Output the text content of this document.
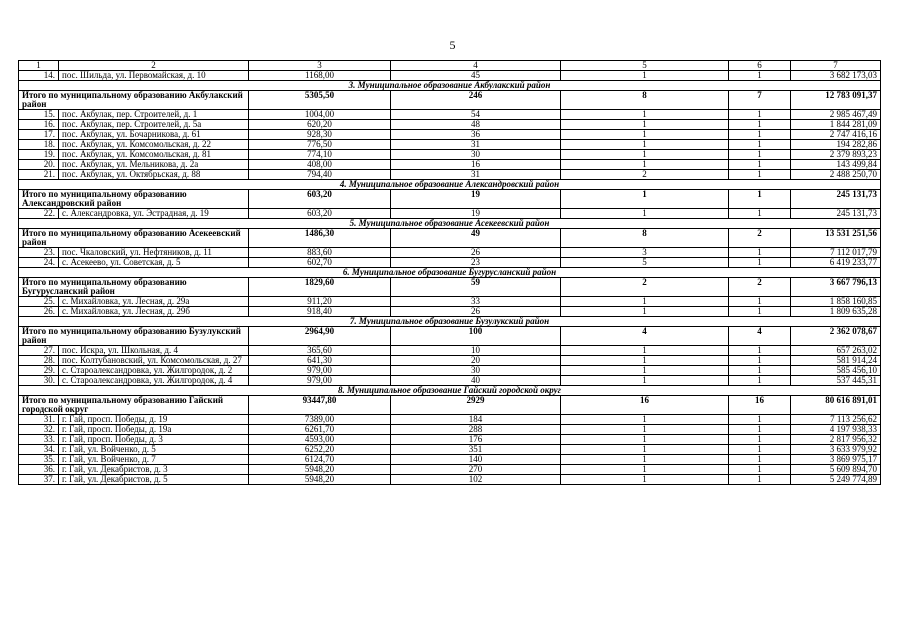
5
1	2	3	4	5	6	7
14.	пос. Шильда, ул. Первомайская, д. 10	1168,00	45	1	1	3 682 173,03
3. Муниципальное образование Акбулакский район						
Итого по муниципальному образованию Акбулакский район		5305,50	246	8	7	12 783 091,37
15.	пос. Акбулак, пер. Строителей, д. 1	1004,00	54	1	1	2 985 467,49
16.	пос. Акбулак, пер. Строителей, д. 5а	620,20	48	1	1	1 844 281,09
17.	пос. Акбулак, ул. Бочарникова, д. 61	928,30	36	1	1	2 747 416,16
18.	пос. Акбулак, ул. Комсомольская, д. 22	776,50	31	1	1	194 282,86
19.	пос. Акбулак, ул. Комсомольская, д. 81	774,10	30	1	1	2 379 893,23
20.	пос. Акбулак, ул. Мельникова, д. 2а	408,00	16	1	1	143 499,84
21.	пос. Акбулак, ул. Октябрьская, д. 88	794,40	31	2	1	2 488 250,70
4. Муниципальное образование Александровский район						
Итого по муниципальному образованию Александровский район		603,20	19	1	1	245 131,73
22.	с. Александровка, ул. Эстрадная, д. 19	603,20	19	1	1	245 131,73
5. Муниципальное образование Асекеевский район						
Итого по муниципальному образованию Асекеевский район		1486,30	49	8	2	13 531 251,56
23.	пос. Чкаловский, ул. Нефтяников, д. 11	883,60	26	3	1	7 112 017,79
24.	с. Асекеево, ул. Советская, д. 5	602,70	23	5	1	6 419 233,77
6. Муниципальное образование Бугурусланский район						
Итого по муниципальному образованию Бугурусланский район		1829,60	59	2	2	3 667 796,13
25.	с. Михайловка, ул. Лесная, д. 29а	911,20	33	1	1	1 858 160,85
26.	с. Михайловка, ул. Лесная, д. 29б	918,40	26	1	1	1 809 635,28
7. Муниципальное образование Бузулукский район						
Итого по муниципальному образованию Бузулукский район		2964,90	100	4	4	2 362 078,67
27.	пос. Искра, ул. Школьная, д. 4	365,60	10	1	1	657 263,02
28.	пос. Колтубановский, ул. Комсомольская, д. 27	641,30	20	1	1	581 914,24
29.	с. Староалександровка, ул. Жилгородок, д. 2	979,00	30	1	1	585 456,10
30.	с. Староалександровка, ул. Жилгородок, д. 4	979,00	40	1	1	537 445,31
8. Муниципальное образование Гайский городской округ						
Итого по муниципальному образованию Гайский городской округ		93447,80	2929	16	16	80 616 891,01
31.	г. Гай, просп. Победы, д. 19	7389,00	184	1	1	7 113 256,62
32.	г. Гай, просп. Победы, д. 19а	6261,70	288	1	1	4 197 938,33
33.	г. Гай, просп. Победы, д. 3	4593,00	176	1	1	2 817 956,32
34.	г. Гай, ул. Войченко, д. 5	6252,20	351	1	1	3 633 979,92
35.	г. Гай, ул. Войченко, д. 7	6124,70	140	1	1	3 869 975,17
36.	г. Гай, ул. Декабристов, д. 3	5948,20	270	1	1	5 609 894,70
37.	г. Гай, ул. Декабристов, д. 5	5948,20	102	1	1	5 249 774,89
